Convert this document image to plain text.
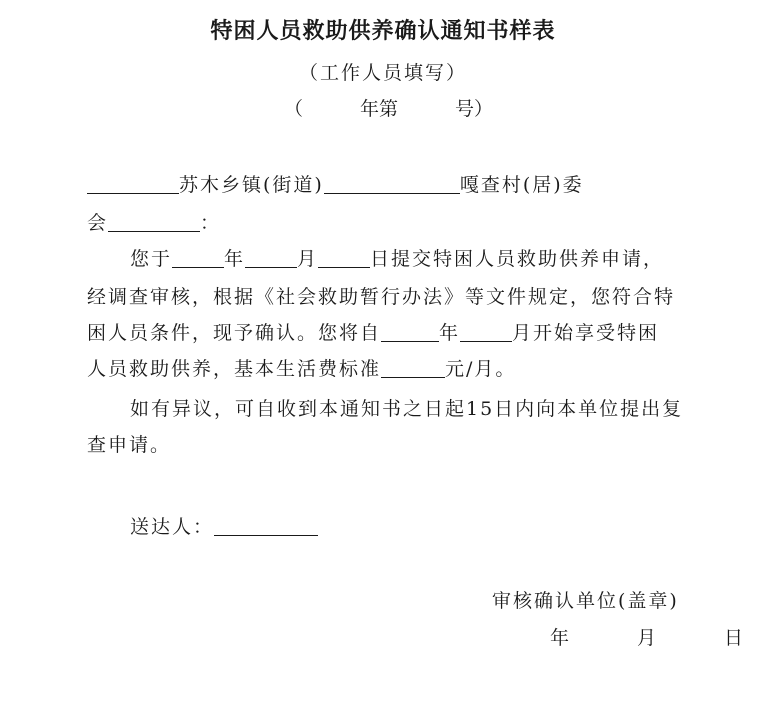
特困人员救助供养确认通知书样表
（工作人员填写）
（　　　年第　　　号）
苏木乡镇(街道)	嘎查村(居)委
会	：
您于	年	月	日提交特困人员救助供养申请，
经调查审核，根据《社会救助暂行办法》等文件规定，您符合特
困人员条件，现予确认。您将自	年	月开始享受特困
人员救助供养，基本生活费标准	元/月。
如有异议，可自收到本通知书之日起15日内向本单位提出复
查申请。
送达人：
审核确认单位(盖章)
年　　月　　日
